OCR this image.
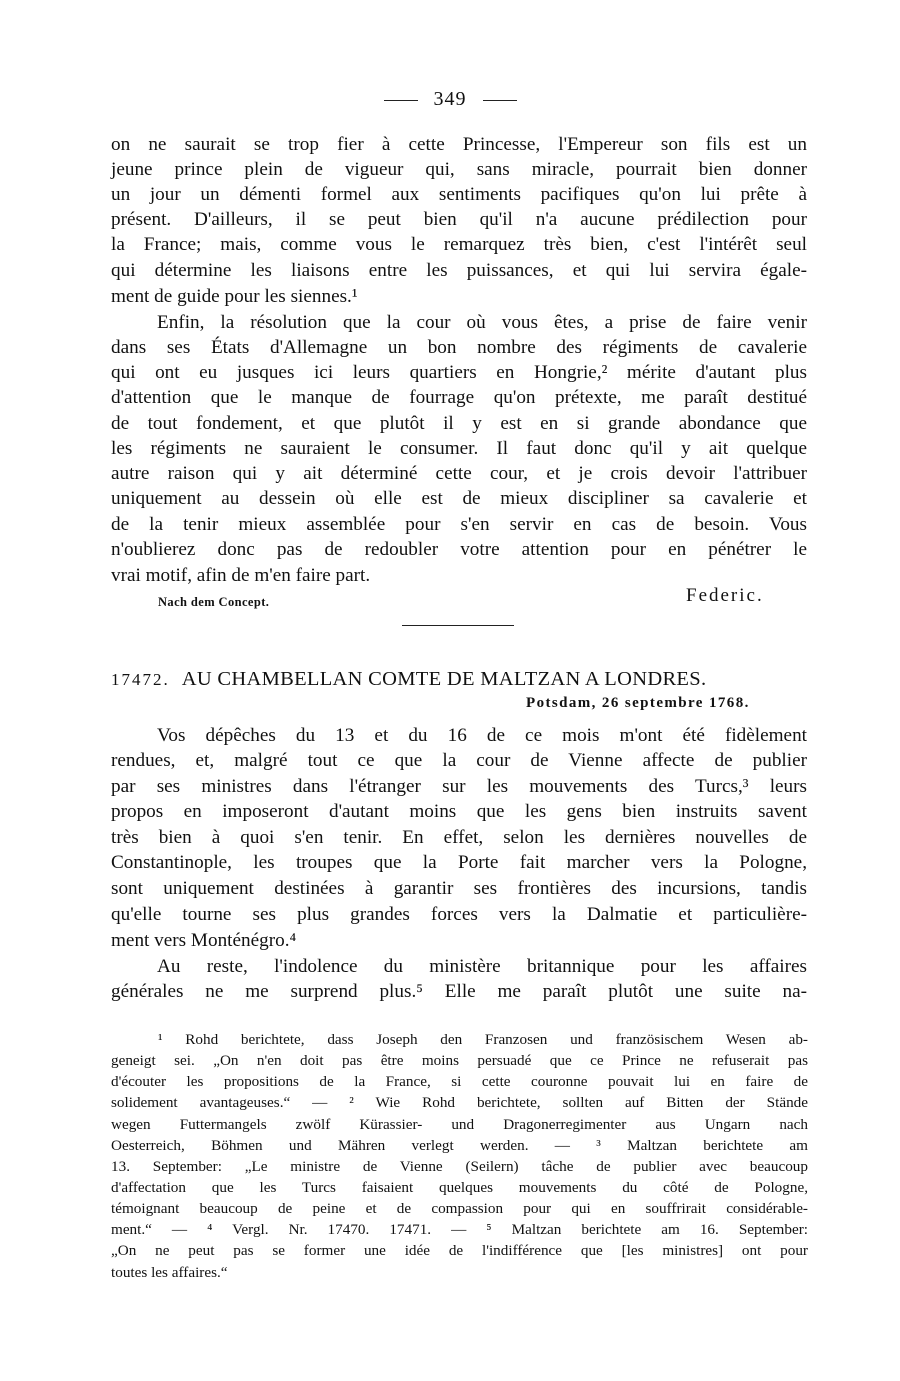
349
on ne saurait se trop fier à cette Princesse, l'Empereur son fils est un
jeune prince plein de vigueur qui, sans miracle, pourrait bien donner
un jour un démenti formel aux sentiments pacifiques qu'on lui prête à
présent. D'ailleurs, il se peut bien qu'il n'a aucune prédilection pour
la France; mais, comme vous le remarquez très bien, c'est l'intérêt seul
qui détermine les liaisons entre les puissances, et qui lui servira égale-
ment de guide pour les siennes.¹
Enfin, la résolution que la cour où vous êtes, a prise de faire venir
dans ses États d'Allemagne un bon nombre des régiments de cavalerie
qui ont eu jusques ici leurs quartiers en Hongrie,² mérite d'autant plus
d'attention que le manque de fourrage qu'on prétexte, me paraît destitué
de tout fondement, et que plutôt il y est en si grande abondance que
les régiments ne sauraient le consumer. Il faut donc qu'il y ait quelque
autre raison qui y ait déterminé cette cour, et je crois devoir l'attribuer
uniquement au dessein où elle est de mieux discipliner sa cavalerie et
de la tenir mieux assemblée pour s'en servir en cas de besoin. Vous
n'oublierez donc pas de redoubler votre attention pour en pénétrer le
vrai motif, afin de m'en faire part.
Nach dem Concept.	Federic.
17472. AU CHAMBELLAN COMTE DE MALTZAN A LONDRES.
Potsdam, 26 septembre 1768.
Vos dépêches du 13 et du 16 de ce mois m'ont été fidèlement
rendues, et, malgré tout ce que la cour de Vienne affecte de publier
par ses ministres dans l'étranger sur les mouvements des Turcs,³ leurs
propos en imposeront d'autant moins que les gens bien instruits savent
très bien à quoi s'en tenir. En effet, selon les dernières nouvelles de
Constantinople, les troupes que la Porte fait marcher vers la Pologne,
sont uniquement destinées à garantir ses frontières des incursions, tandis
qu'elle tourne ses plus grandes forces vers la Dalmatie et particulière-
ment vers Monténégro.⁴
Au reste, l'indolence du ministère britannique pour les affaires
générales ne me surprend plus.⁵ Elle me paraît plutôt une suite na-
¹ Rohd berichtete, dass Joseph den Franzosen und französischem Wesen ab-
geneigt sei. „On n'en doit pas être moins persuadé que ce Prince ne refuserait pas
d'écouter les propositions de la France, si cette couronne pouvait lui en faire de
solidement avantageuses.“ — ² Wie Rohd berichtete, sollten auf Bitten der Stände
wegen Futtermangels zwölf Kürassier- und Dragonerregimenter aus Ungarn nach
Oesterreich, Böhmen und Mähren verlegt werden. — ³ Maltzan berichtete am
13. September: „Le ministre de Vienne (Seilern) tâche de publier avec beaucoup
d'affectation que les Turcs faisaient quelques mouvements du côté de Pologne,
témoignant beaucoup de peine et de compassion pour qui en souffrirait considérable-
ment.“ — ⁴ Vergl. Nr. 17470. 17471. — ⁵ Maltzan berichtete am 16. September:
„On ne peut pas se former une idée de l'indifférence que [les ministres] ont pour
toutes les affaires.“
